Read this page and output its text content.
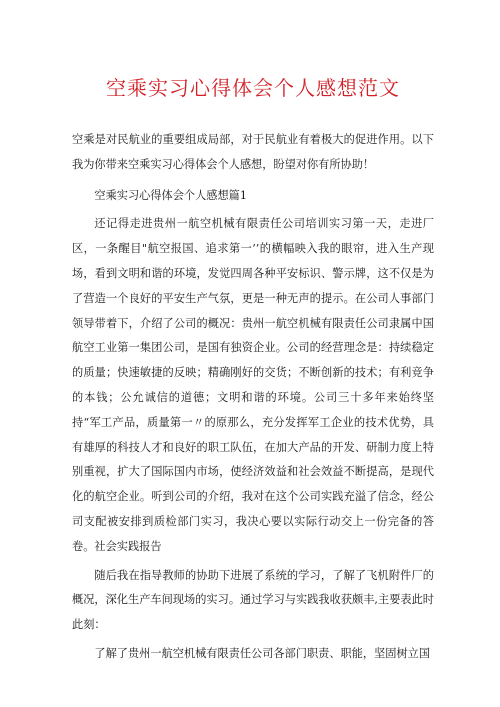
空乘实习心得体会个人感想范文

空乘是对民航业的重要组成局部，对于民航业有着极大的促进作用。以下我为你带来空乘实习心得体会个人感想，盼望对你有所协助！

空乘实习心得体会个人感想篇1

还记得走进贵州一航空机械有限责任公司培训实习第一天，走进厂区，一条醒目"航空报国、追求第一’’的横幅映入我的眼帘，进入生产现场，看到文明和谐的环境，发觉四周各种平安标识、警示牌，这不仅是为了营造一个良好的平安生产气氛，更是一种无声的提示。在公司人事部门领导带着下，介绍了公司的概况：贵州一航空机械有限责任公司隶属中国航空工业第一集团公司，是国有独资企业。公司的经营理念是：持续稳定的质量；快速敏捷的反映；精确刚好的交货；不断创新的技术；有利竞争的本钱；公允诚信的道德；文明和谐的环境。公司三十多年来始终坚持“军工产品，质量第一〃的原那么，充分发挥军工企业的技术优势，具有雄厚的科技人才和良好的职工队伍，在加大产品的开发、研制力度上特别重视，扩大了国际国内市场，使经济效益和社会效益不断提高，是现代化的航空企业。听到公司的介绍，我对在这个公司实践充溢了信念，经公司支配被安排到质检部门实习，我决心要以实际行动交上一份完备的答卷。社会实践报告

随后我在指导教师的协助下进展了系统的学习，了解了飞机附件厂的概况，深化生产车间现场的实习。通过学习与实践我收获颇丰,主要表此时此刻：

了解了贵州一航空机械有限责任公司各部门职责、职能，坚固树立国
